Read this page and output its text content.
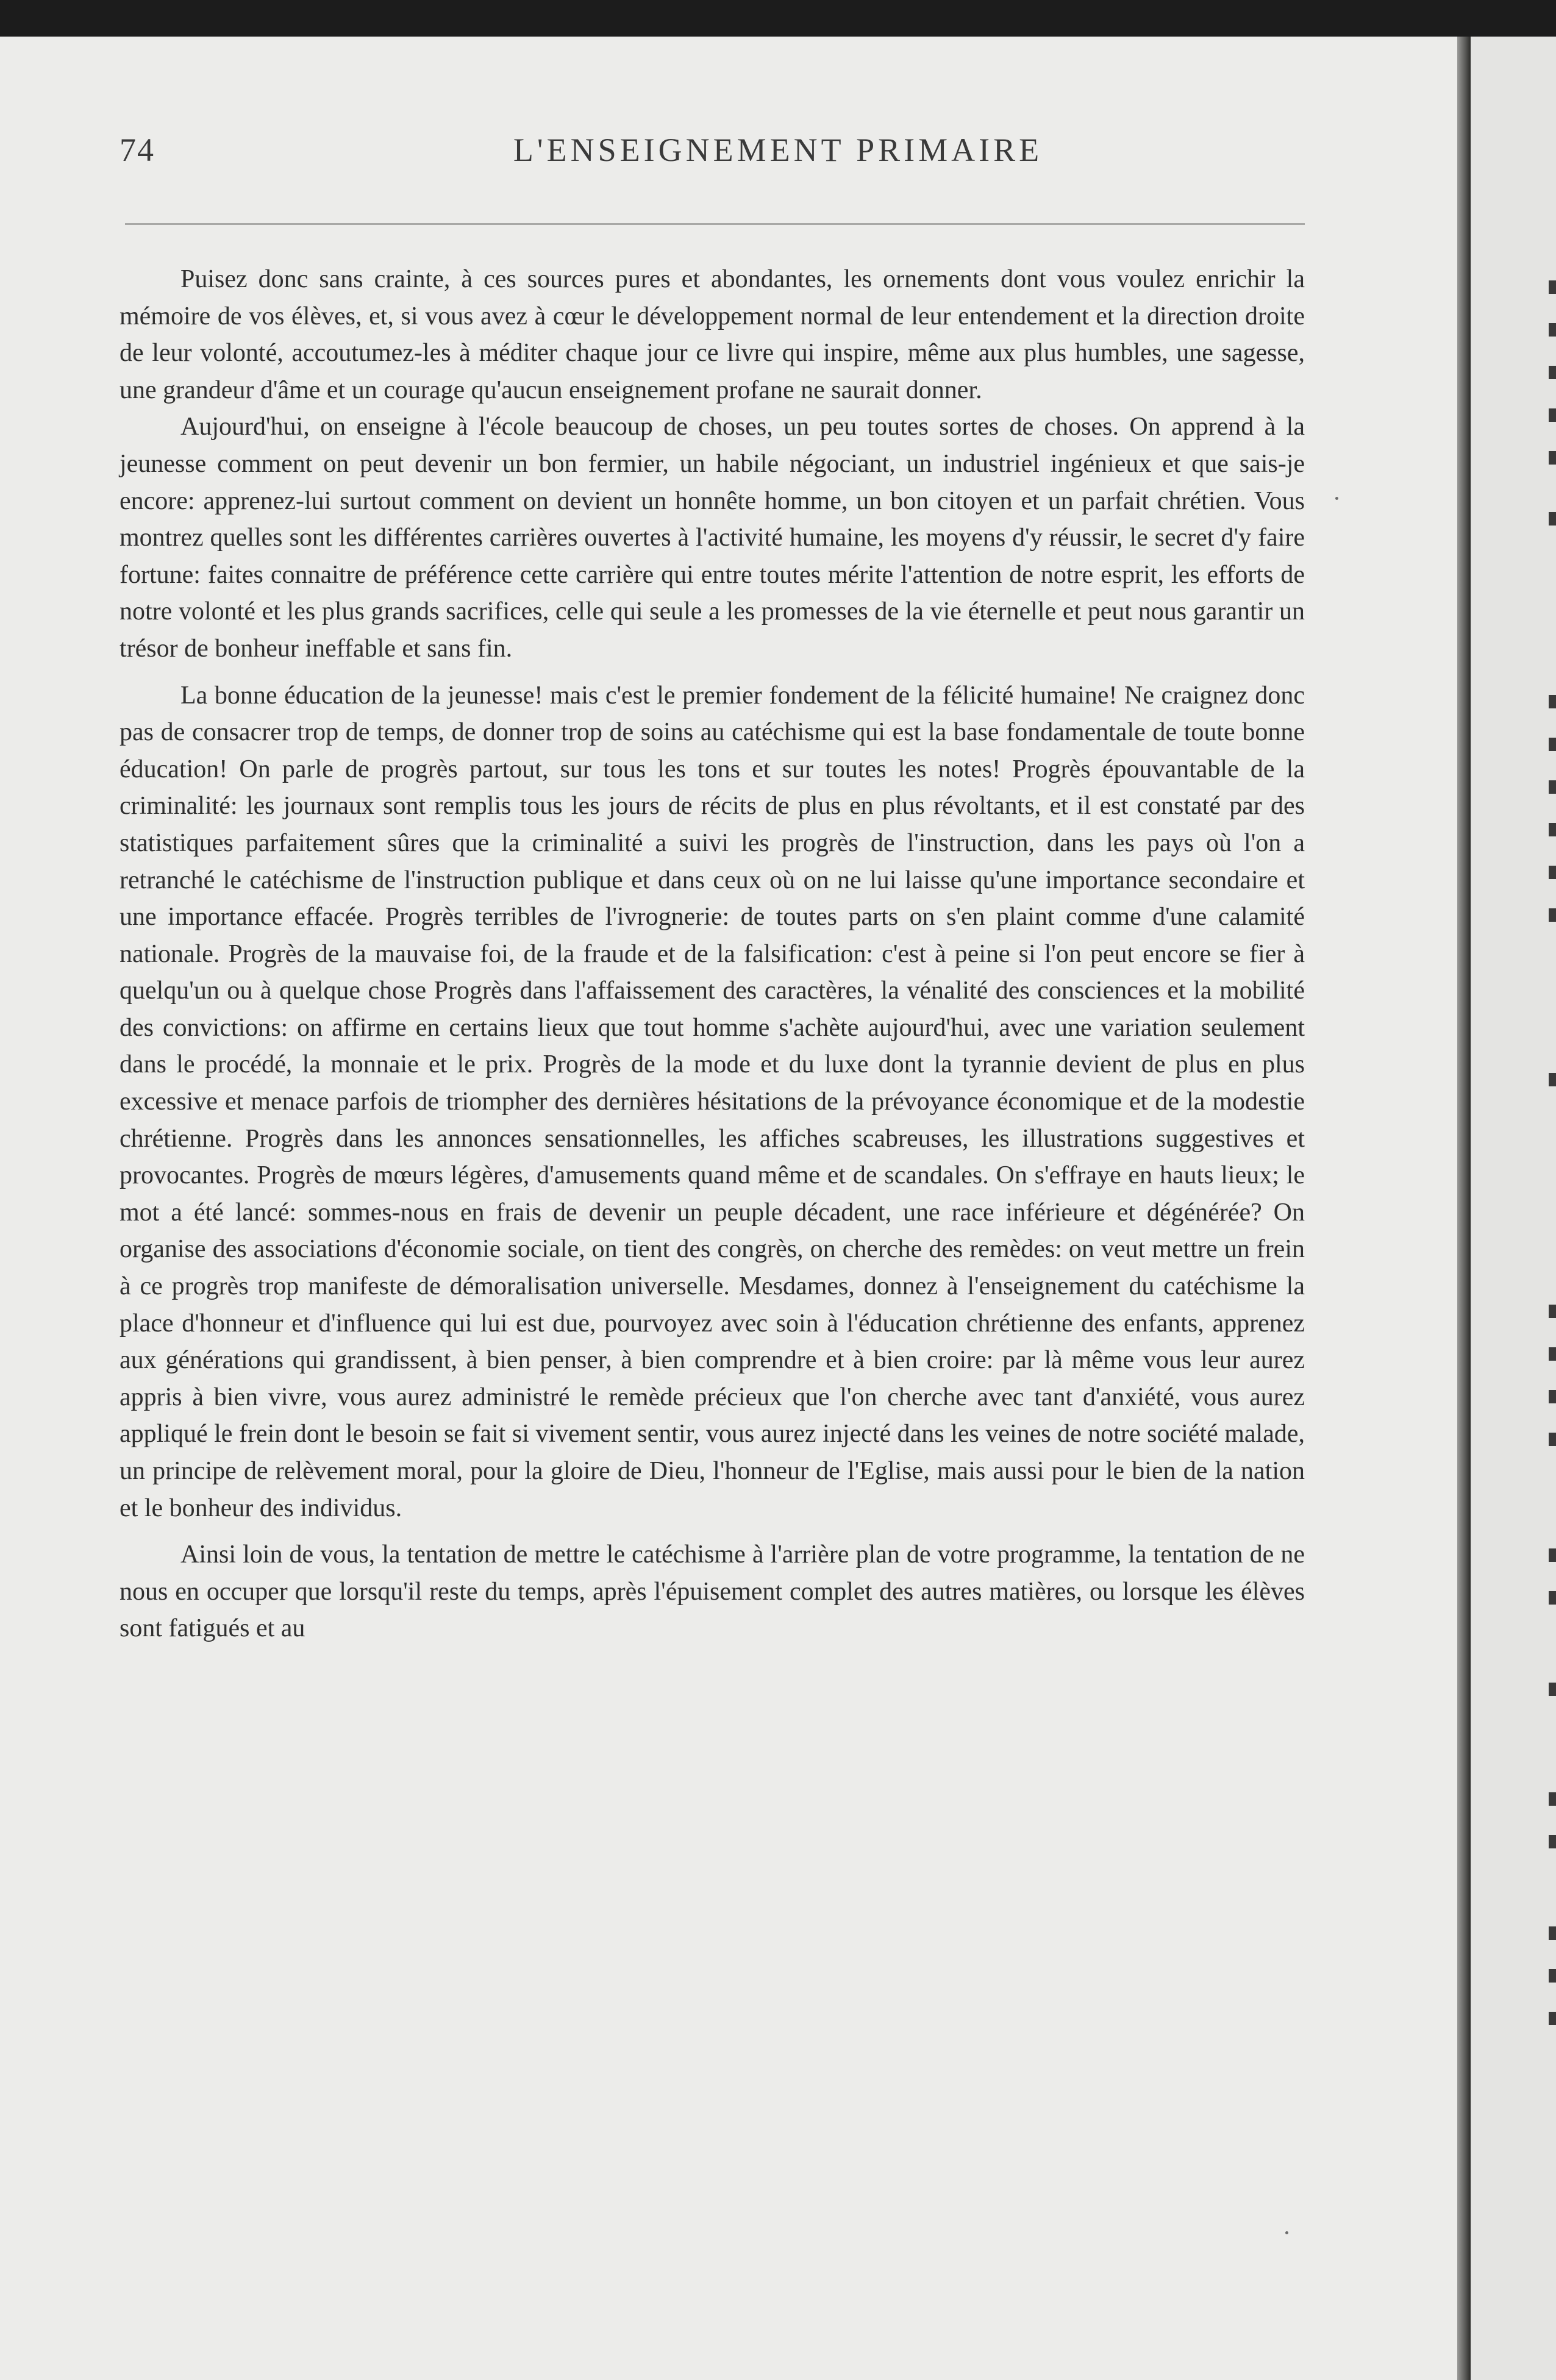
74	L'ENSEIGNEMENT PRIMAIRE

Puisez donc sans crainte, à ces sources pures et abondantes, les ornements dont vous voulez enrichir la mémoire de vos élèves, et, si vous avez à cœur le développement normal de leur entendement et la direction droite de leur volonté, accoutumez-les à méditer chaque jour ce livre qui inspire, même aux plus humbles, une sagesse, une grandeur d'âme et un courage qu'aucun enseignement profane ne saurait donner.

Aujourd'hui, on enseigne à l'école beaucoup de choses, un peu toutes sortes de choses. On apprend à la jeunesse comment on peut devenir un bon fermier, un habile négociant, un industriel ingénieux et que sais-je encore: apprenez-lui surtout comment on devient un honnête homme, un bon citoyen et un parfait chrétien. Vous montrez quelles sont les différentes carrières ouvertes à l'activité humaine, les moyens d'y réussir, le secret d'y faire fortune: faites connaitre de préférence cette carrière qui entre toutes mérite l'attention de notre esprit, les efforts de notre volonté et les plus grands sacrifices, celle qui seule a les promesses de la vie éternelle et peut nous garantir un trésor de bonheur ineffable et sans fin.

La bonne éducation de la jeunesse! mais c'est le premier fondement de la félicité humaine! Ne craignez donc pas de consacrer trop de temps, de donner trop de soins au catéchisme qui est la base fondamentale de toute bonne éducation! On parle de progrès partout, sur tous les tons et sur toutes les notes! Progrès épouvantable de la criminalité: les journaux sont remplis tous les jours de récits de plus en plus révoltants, et il est constaté par des statistiques parfaitement sûres que la criminalité a suivi les progrès de l'instruction, dans les pays où l'on a retranché le catéchisme de l'instruction publique et dans ceux où on ne lui laisse qu'une importance secondaire et une importance effacée. Progrès terribles de l'ivrognerie: de toutes parts on s'en plaint comme d'une calamité nationale. Progrès de la mauvaise foi, de la fraude et de la falsification: c'est à peine si l'on peut encore se fier à quelqu'un ou à quelque chose Progrès dans l'affaissement des caractères, la vénalité des consciences et la mobilité des convictions: on affirme en certains lieux que tout homme s'achète aujourd'hui, avec une variation seulement dans le procédé, la monnaie et le prix. Progrès de la mode et du luxe dont la tyrannie devient de plus en plus excessive et menace parfois de triompher des dernières hésitations de la prévoyance économique et de la modestie chrétienne. Progrès dans les annonces sensationnelles, les affiches scabreuses, les illustrations suggestives et provocantes. Progrès de mœurs légères, d'amusements quand même et de scandales. On s'effraye en hauts lieux; le mot a été lancé: sommes-nous en frais de devenir un peuple décadent, une race inférieure et dégénérée? On organise des associations d'économie sociale, on tient des congrès, on cherche des remèdes: on veut mettre un frein à ce progrès trop manifeste de démoralisation universelle. Mesdames, donnez à l'enseignement du catéchisme la place d'honneur et d'influence qui lui est due, pourvoyez avec soin à l'éducation chrétienne des enfants, apprenez aux générations qui grandissent, à bien penser, à bien comprendre et à bien croire: par là même vous leur aurez appris à bien vivre, vous aurez administré le remède précieux que l'on cherche avec tant d'anxiété, vous aurez appliqué le frein dont le besoin se fait si vivement sentir, vous aurez injecté dans les veines de notre société malade, un principe de relèvement moral, pour la gloire de Dieu, l'honneur de l'Eglise, mais aussi pour le bien de la nation et le bonheur des individus.

Ainsi loin de vous, la tentation de mettre le catéchisme à l'arrière plan de votre programme, la tentation de ne nous en occuper que lorsqu'il reste du temps, après l'épuisement complet des autres matières, ou lorsque les élèves sont fatigués et au
